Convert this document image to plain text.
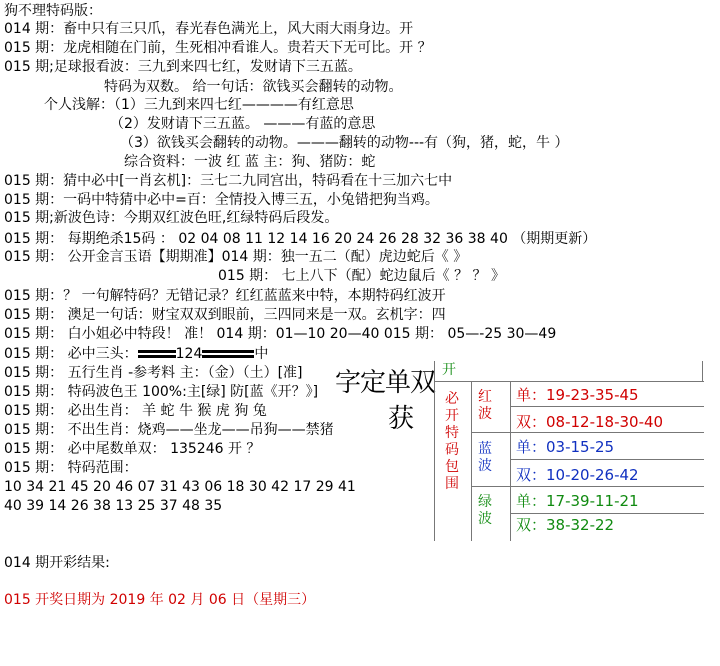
狗不理特码版：
014 期：畜中只有三只爪，春光春色满光上，风大雨大雨身边。开
015 期：龙虎相随在门前，生死相冲看谁人。贵若天下无可比。开 ？
015 期;足球报看波：三九到来四七红，发财请下三五蓝。
特码为双数。 给一句话：欲钱买会翻转的动物。
个人浅解：（1）三九到来四七红————有红意思
（2）发财请下三五蓝。 ———有蓝的意思
（3）欲钱买会翻转的动物。———翻转的动物---有（狗，猪，蛇，牛 ）
综合资料：一波 红 蓝 主：狗、猪防：蛇
015 期：猜中必中[一肖玄机]：三七二九同宫出，特码看在十三加六七中
015 期：一码中特猜中必中=百：全情投入博三五，小兔错把狗当鸡。
015 期;新波色诗：今期双红波色旺,红绿特码后段发。
015 期： 每期绝杀15码 ： 02 04 08 11 12 14 16 20 24 26 28 32 36 38 40 （期期更新）
015 期： 公开金言玉语【期期准】014 期：独一五二（配）虎边蛇后《 》
015 期： 七上八下（配）蛇边鼠后《 ？ ？ 》
015 期：？ 一句解特码？无错记录？红红蓝蓝来中特，本期特码红波开
015 期： 澳足一句话：财宝双双到眼前，三四同来是一双。玄机字：四
015 期： 白小姐必中特段！ 准！ 014 期：01—10 20—40 015 期： 05—-25 30—49
015 期： 必中三头：	124	中
015 期： 五行生肖 -参考料 主：（金）（土）[准]
015 期： 特码波色王 100%:主[绿] 防[蓝《开？》]
015 期： 必出生肖： 羊 蛇 牛 猴 虎 狗 兔
015 期： 不出生肖：烧鸡——坐龙——吊狗——禁猪
015 期： 必中尾数单双： 135246 开 ？
015 期： 特码范围：
10 34 21 45 20 46 07 31 43 06 18 30 42 17 29 41
40 39 14 26 38 13 25 37 48 35
014 期开彩结果:
015 开奖日期为 2019 年 02 月 06 日（星期三）
字定单双
获
开
必开特码包围
红波
蓝波
绿波
单：19-23-35-45
双：08-12-18-30-40
单：03-15-25
双：10-20-26-42
单：17-39-11-21
双：38-32-22
